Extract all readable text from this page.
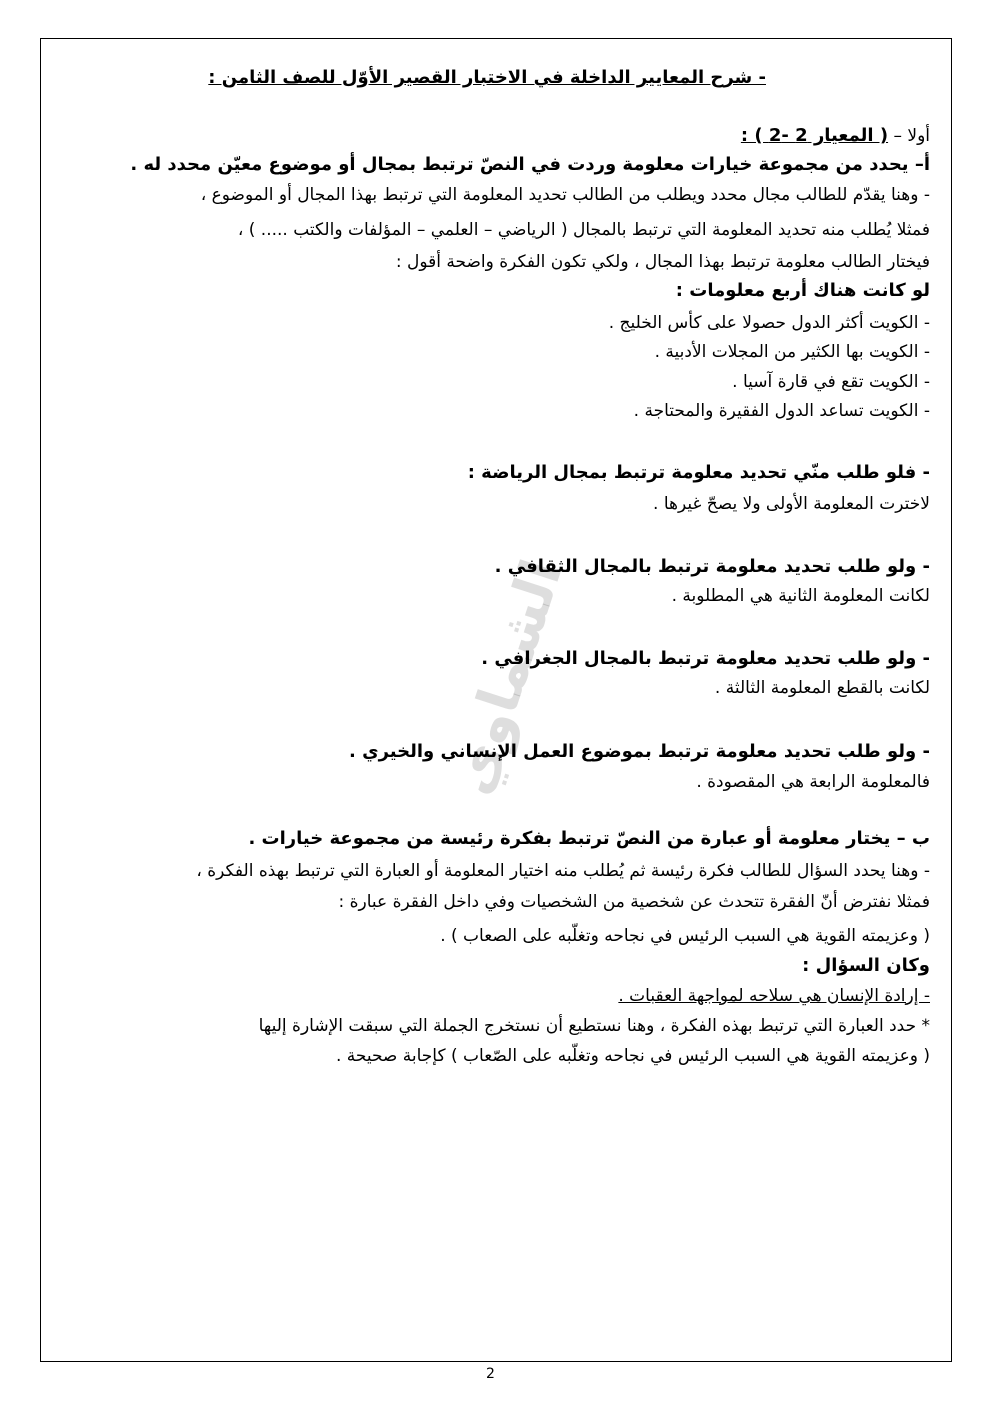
- شرح المعايير الداخلة في الاختبار القصير الأوّل للصف الثامن :
أولا – ( المعيار 2 -2 ) :
أ– يحدد من مجموعة خيارات معلومة وردت في النصّ ترتبط بمجال أو موضوع معيّن محدد له .
- وهنا يقدّم للطالب مجال محدد ويطلب من الطالب تحديد المعلومة التي ترتبط بهذا المجال أو الموضوع ،
فمثلا يُطلب منه تحديد المعلومة التي ترتبط بالمجال ( الرياضي – العلمي – المؤلفات والكتب ..... ) ،
فيختار الطالب معلومة ترتبط بهذا المجال ، ولكي تكون الفكرة واضحة أقول :
لو كانت هناك أربع معلومات :
- الكويت أكثر الدول حصولا على كأس الخليج .
- الكويت بها الكثير من المجلات الأدبية .
- الكويت تقع في قارة آسيا .
- الكويت تساعد الدول الفقيرة والمحتاجة .
- فلو طلب منّي تحديد معلومة ترتبط بمجال الرياضة :
لاخترت المعلومة الأولى ولا يصحّ غيرها .
- ولو طلب تحديد معلومة ترتبط بالمجال الثقافي .
لكانت المعلومة الثانية هي المطلوبة .
- ولو طلب تحديد معلومة ترتبط بالمجال الجغرافي .
لكانت بالقطع المعلومة الثالثة .
- ولو طلب تحديد معلومة ترتبط بموضوع العمل الإنساني والخيري .
فالمعلومة الرابعة هي المقصودة .
ب – يختار معلومة أو عبارة من النصّ ترتبط بفكرة رئيسة من مجموعة خيارات .
- وهنا يحدد السؤال للطالب فكرة رئيسة ثم يُطلب منه اختيار المعلومة أو العبارة التي ترتبط بهذه الفكرة ،
فمثلا نفترض أنّ الفقرة تتحدث عن شخصية من الشخصيات وفي داخل الفقرة عبارة :
( وعزيمته القوية هي السبب الرئيس في نجاحه وتغلّبه على الصعاب ) .
وكان السؤال :
- إرادة الإنسان هي سلاحه لمواجهة العقبات .
* حدد العبارة التي ترتبط بهذه الفكرة ، وهنا نستطيع أن نستخرج الجملة التي سبقت الإشارة إليها
( وعزيمته القوية هي السبب الرئيس في نجاحه وتغلّبه على الصّعاب ) كإجابة صحيحة .
الشماوي
2
